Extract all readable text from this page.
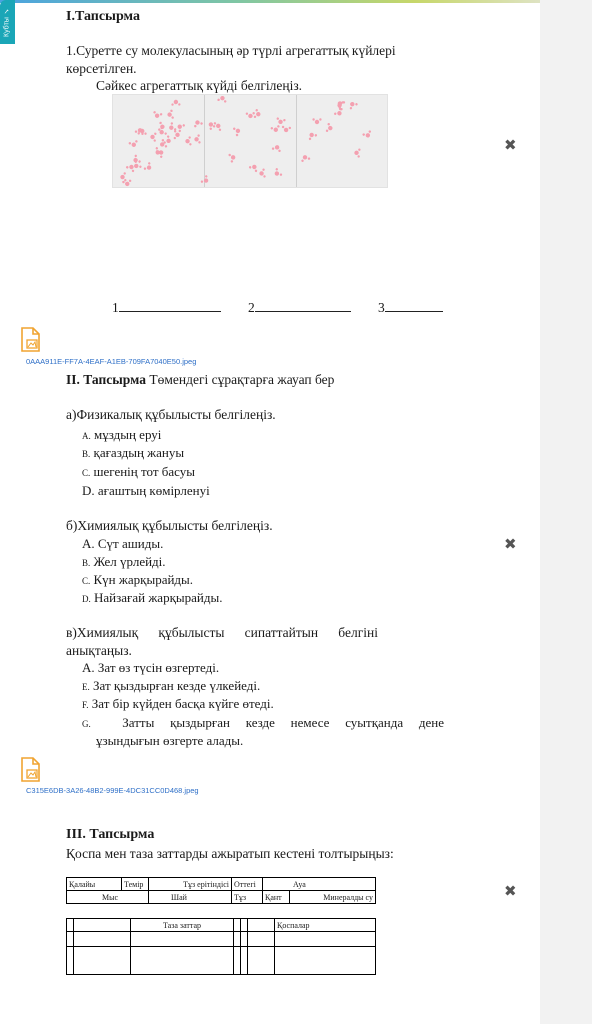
Кубты ✓	I.Тапсырма
1.Суретте су молекуласының әр түрлі агрегаттық күйлері
көрсетілген.
Сәйкес агрегаттық күйді белгілеңіз.
✖
1	2	3
0AAA911E-FF7A-4EAF-A1EB-709FA7040E50.jpeg
II. Тапсырма Төмендегі сұрақтарға жауап бер
а)Физикалық құбылысты белгілеңіз.
A. мұздың еруі
B. қағаздың жануы
C. шегенің тот басуы
D. ағаштың көмірленуі
б)Химиялық құбылысты белгілеңіз.
A. Сүт ашиды.
B. Жел үрлейді.
C. Күн жарқырайды.
D. Найзағай жарқырайды.
✖
в)Химиялық құбылысты сипаттайтын белгіні
анықтаңыз.
A. Зат өз түсін өзгертеді.
E. Зат қыздырған кезде үлкейеді.
F. Зат бір күйден басқа күйге өтеді.
G. Затты қыздырған кезде немесе суытқанда дене
ұзындығын өзгерте алады.
C315E6DB-3A26-48B2-999E-4DC31CC0D468.jpeg
III. Тапсырма
Қоспа мен таза заттарды ажыратып кестені толтырыңыз:
Қалайы	Темір	Тұз ерітіндісі	Оттегі	Ауа	
Мыс		Шай	Тұз	Қант	Минералды су	✖
		Таза заттар				Қоспалар
